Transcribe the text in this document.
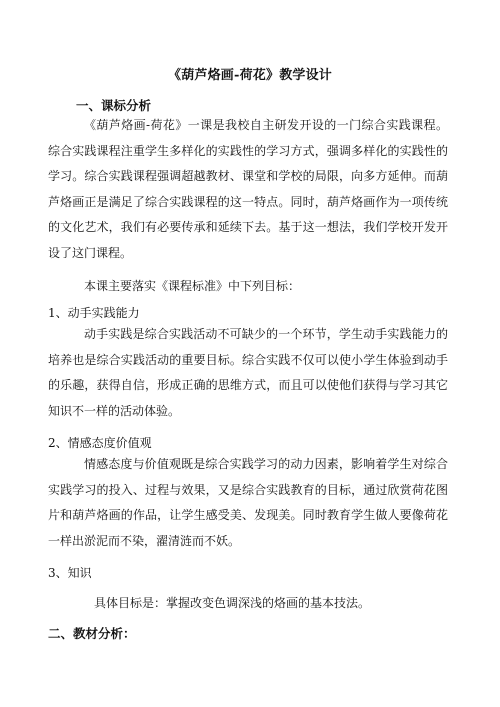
《葫芦烙画-荷花》教学设计
一、课标分析

《葫芦烙画-荷花》一课是我校自主研发开设的一门综合实践课程。综合实践课程注重学生多样化的实践性的学习方式，强调多样化的实践性的学习。综合实践课程强调超越教材、课堂和学校的局限，向多方延伸。而葫芦烙画正是满足了综合实践课程的这一特点。同时，葫芦烙画作为一项传统的文化艺术，我们有必要传承和延续下去。基于这一想法，我们学校开发开设了这门课程。

本课主要落实《课程标准》中下列目标：
1、动手实践能力

动手实践是综合实践活动不可缺少的一个环节，学生动手实践能力的培养也是综合实践活动的重要目标。综合实践不仅可以使小学生体验到动手的乐趣，获得自信，形成正确的思维方式，而且可以使他们获得与学习其它知识不一样的活动体验。

2、情感态度价值观

情感态度与价值观既是综合实践学习的动力因素，影响着学生对综合实践学习的投入、过程与效果，又是综合实践教育的目标，通过欣赏荷花图片和葫芦烙画的作品，让学生感受美、发现美。同时教育学生做人要像荷花一样出淤泥而不染，濯清涟而不妖。

3、知识
具体目标是：掌握改变色调深浅的烙画的基本技法。
二、教材分析：
